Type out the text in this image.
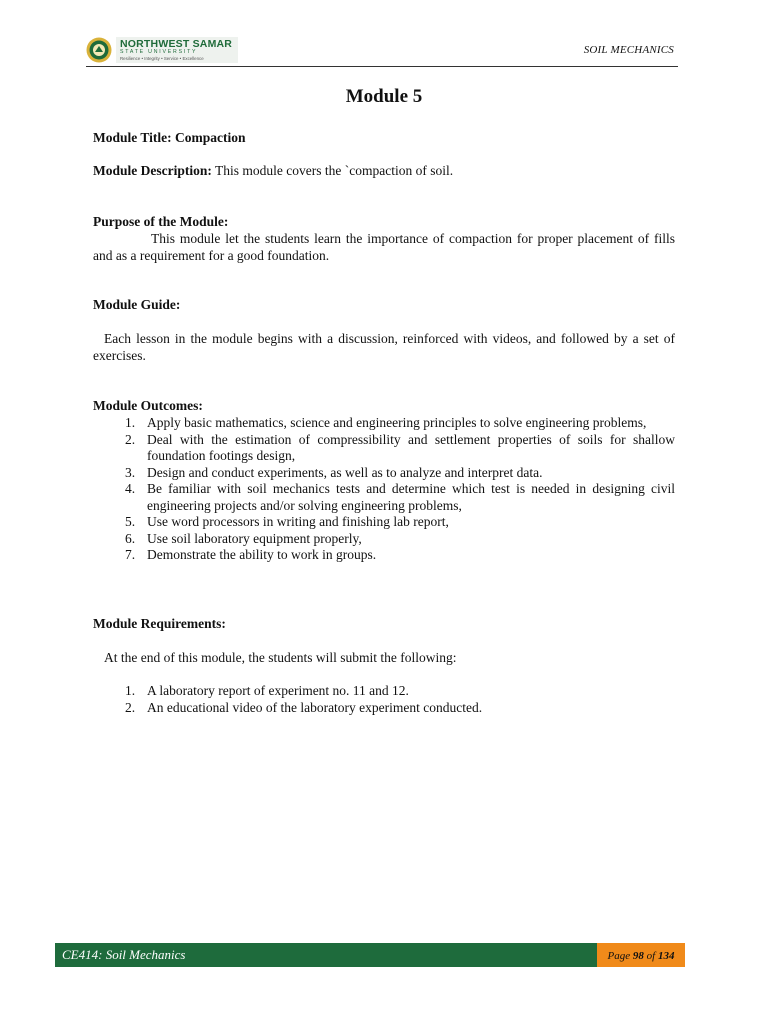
NORTHWEST SAMAR
STATE UNIVERSITY
Resilience • Integrity • Service • Excellence
SOIL MECHANICS
Module 5
Module Title: Compaction
Module Description: This module covers the `compaction of soil.
Purpose of the Module:
This module let the students learn the importance of compaction for proper placement of fills and as a requirement for a good foundation.
Module Guide:
Each lesson in the module begins with a discussion, reinforced with videos, and followed by a set of exercises.
Module Outcomes:
1. Apply basic mathematics, science and engineering principles to solve engineering problems,
2. Deal with the estimation of compressibility and settlement properties of soils for shallow foundation footings design,
3. Design and conduct experiments, as well as to analyze and interpret data.
4. Be familiar with soil mechanics tests and determine which test is needed in designing civil engineering projects and/or solving engineering problems,
5. Use word processors in writing and finishing lab report,
6. Use soil laboratory equipment properly,
7. Demonstrate the ability to work in groups.
Module Requirements:
At the end of this module, the students will submit the following:
1. A laboratory report of experiment no. 11 and 12.
2. An educational video of the laboratory experiment conducted.
CE414: Soil Mechanics	Page 98 of 134
